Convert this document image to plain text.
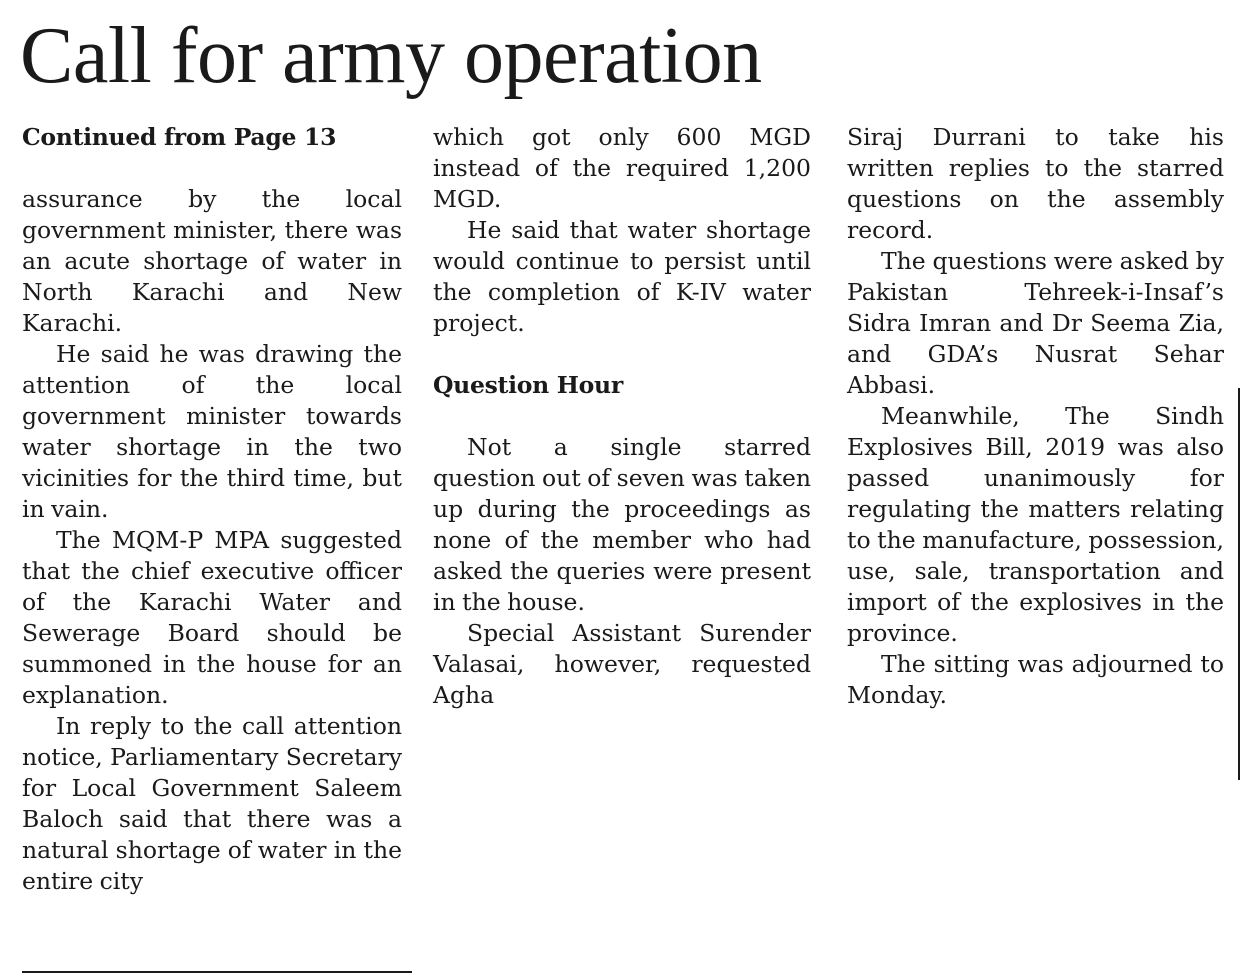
Call for army operation
Continued from Page 13

assurance by the local government minister, there was an acute shortage of water in North Karachi and New Karachi.

He said he was drawing the attention of the local government minister towards water shortage in the two vicinities for the third time, but in vain.

The MQM-P MPA suggested that the chief executive officer of the Karachi Water and Sewerage Board should be summoned in the house for an explanation.

In reply to the call attention notice, Parliamentary Secretary for Local Government Saleem Baloch said that there was a natural shortage of water in the entire city

which got only 600 MGD instead of the required 1,200 MGD.

He said that water shortage would continue to persist until the completion of K-IV water project.

Question Hour

Not a single starred question out of seven was taken up during the proceedings as none of the member who had asked the queries were present in the house.

Special Assistant Surender Valasai, however, requested Agha

Siraj Durrani to take his written replies to the starred questions on the assembly record.

The questions were asked by Pakistan Tehreek-i-Insaf’s Sidra Imran and Dr Seema Zia, and GDA’s Nusrat Sehar Abbasi.

Meanwhile, The Sindh Explosives Bill, 2019 was also passed unanimously for regulating the matters relating to the manufacture, possession, use, sale, transportation and import of the explosives in the province.

The sitting was adjourned to Monday.
